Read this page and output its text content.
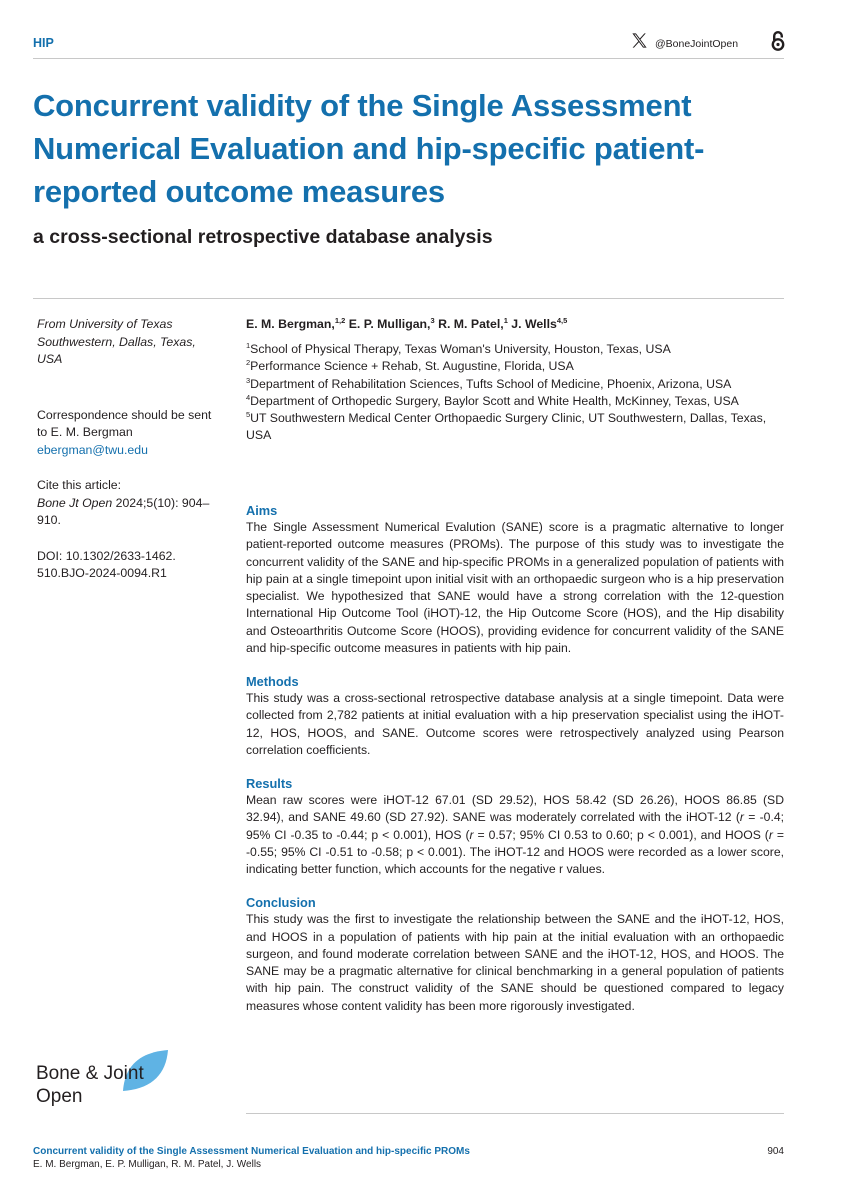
HIP	@BoneJointOpen
Concurrent validity of the Single Assessment Numerical Evaluation and hip-specific patient-reported outcome measures
a cross-sectional retrospective database analysis

From University of Texas Southwestern, Dallas, Texas, USA

Correspondence should be sent to E. M. Bergman
ebergman@twu.edu

Cite this article:
Bone Jt Open 2024;5(10): 904–910.

DOI: 10.1302/2633-1462. 510.BJO-2024-0094.R1

E. M. Bergman,$^{1,2}$ E. P. Mulligan,$^3$ R. M. Patel,$^1$ J. Wells$^{4,5}$

$^1$School of Physical Therapy, Texas Woman's University, Houston, Texas, USA

$^2$Performance Science + Rehab, St. Augustine, Florida, USA

$^3$Department of Rehabilitation Sciences, Tufts School of Medicine, Phoenix, Arizona, USA

$^4$Department of Orthopedic Surgery, Baylor Scott and White Health, McKinney, Texas, USA

$^5$UT Southwestern Medical Center Orthopaedic Surgery Clinic, UT Southwestern, Dallas, Texas, USA

Aims

The Single Assessment Numerical Evalution (SANE) score is a pragmatic alternative to longer patient-reported outcome measures (PROMs). The purpose of this study was to investigate the concurrent validity of the SANE and hip-specific PROMs in a generalized population of patients with hip pain at a single timepoint upon initial visit with an orthopaedic surgeon who is a hip preservation specialist. We hypothesized that SANE would have a strong correlation with the 12-question International Hip Outcome Tool (iHOT)-12, the Hip Outcome Score (HOS), and the Hip disability and Osteoarthritis Outcome Score (HOOS), providing evidence for concurrent validity of the SANE and hip-specific outcome measures in patients with hip pain.

Methods

This study was a cross-sectional retrospective database analysis at a single timepoint. Data were collected from 2,782 patients at initial evaluation with a hip preservation specialist using the iHOT-12, HOS, HOOS, and SANE. Outcome scores were retrospectively analyzed using Pearson correlation coefficients.

Results

Mean raw scores were iHOT-12 67.01 (SD 29.52), HOS 58.42 (SD 26.26), HOOS 86.85 (SD 32.94), and SANE 49.60 (SD 27.92). SANE was moderately correlated with the iHOT-12 (r = -0.4; 95% CI -0.35 to -0.44; p < 0.001), HOS (r = 0.57; 95% CI 0.53 to 0.60; p < 0.001), and HOOS (r = -0.55; 95% CI -0.51 to -0.58; p < 0.001). The iHOT-12 and HOOS were recorded as a lower score, indicating better function, which accounts for the negative r values.

Conclusion

This study was the first to investigate the relationship between the SANE and the iHOT-12, HOS, and HOOS in a population of patients with hip pain at the initial evaluation with an orthopaedic surgeon, and found moderate correlation between SANE and the iHOT-12, HOS, and HOOS. The SANE may be a pragmatic alternative for clinical benchmarking in a general population of patients with hip pain. The construct validity of the SANE should be questioned compared to legacy measures whose content validity has been more rigorously investigated.

Bone & Joint
Open
Concurrent validity of the Single Assessment Numerical Evaluation and hip-specific PROMs
E. M. Bergman, E. P. Mulligan, R. M. Patel, J. Wells
904
